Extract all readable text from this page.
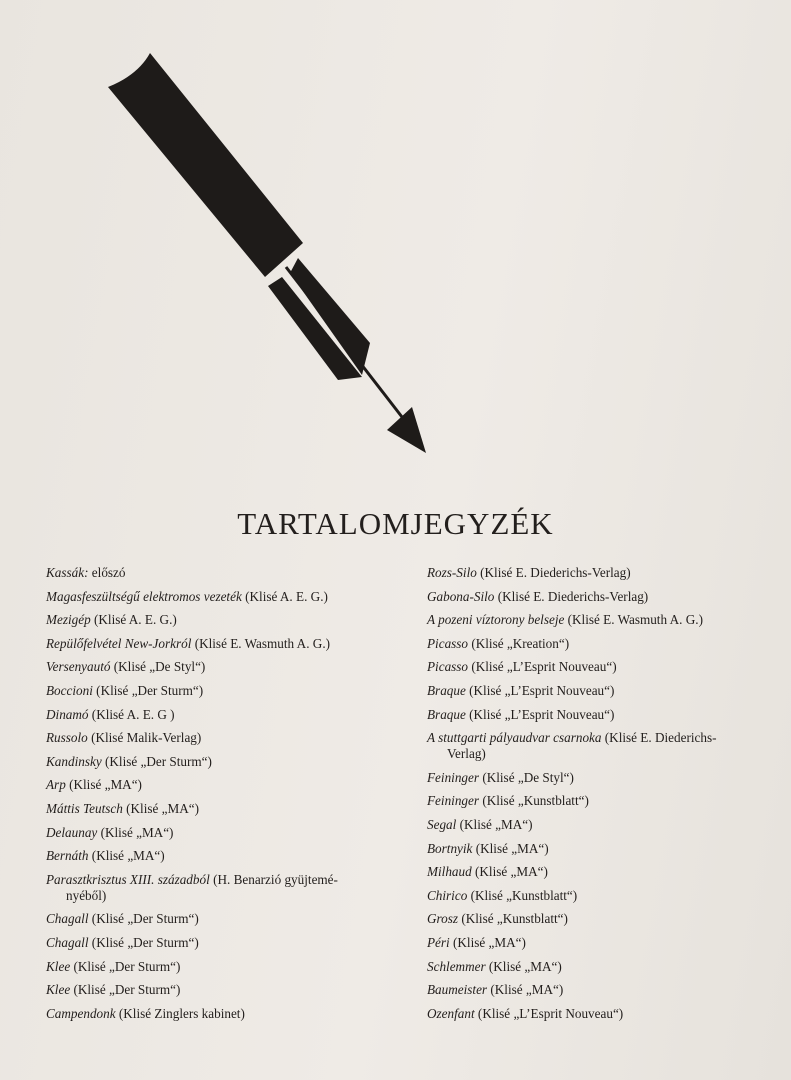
TARTALOMJEGYZÉK
Kassák: előszó
Magasfeszültségű elektromos vezeték (Klisé A. E. G.)
Mezigép (Klisé A. E. G.)
Repülőfelvétel New-Jorkról (Klisé E. Wasmuth A. G.)
Versenyautó (Klisé „De Styl“)
Boccioni (Klisé „Der Sturm“)
Dinamó (Klisé A. E. G )
Russolo (Klisé Malik-Verlag)
Kandinsky (Klisé „Der Sturm“)
Arp (Klisé „MA“)
Máttis Teutsch (Klisé „MA“)
Delaunay (Klisé „MA“)
Bernáth (Klisé „MA“)
Parasztkrisztus XIII. századból (H. Benarzió gyüjtemé-
nyéből)
Chagall (Klisé „Der Sturm“)
Chagall (Klisé „Der Sturm“)
Klee (Klisé „Der Sturm“)
Klee (Klisé „Der Sturm“)
Campendonk (Klisé Zinglers kabinet)
Rozs-Silo (Klisé E. Diederichs-Verlag)
Gabona-Silo (Klisé E. Diederichs-Verlag)
A pozeni víztorony belseje (Klisé E. Wasmuth A. G.)
Picasso (Klisé „Kreation“)
Picasso (Klisé „L’Esprit Nouveau“)
Braque (Klisé „L’Esprit Nouveau“)
Braque (Klisé „L’Esprit Nouveau“)
A stuttgarti pályaudvar csarnoka (Klisé E. Diederichs-
Verlag)
Feininger (Klisé „De Styl“)
Feininger (Klisé „Kunstblatt“)
Segal (Klisé „MA“)
Bortnyik (Klisé „MA“)
Milhaud (Klisé „MA“)
Chirico (Klisé „Kunstblatt“)
Grosz (Klisé „Kunstblatt“)
Péri (Klisé „MA“)
Schlemmer (Klisé „MA“)
Baumeister (Klisé „MA“)
Ozenfant (Klisé „L’Esprit Nouveau“)
